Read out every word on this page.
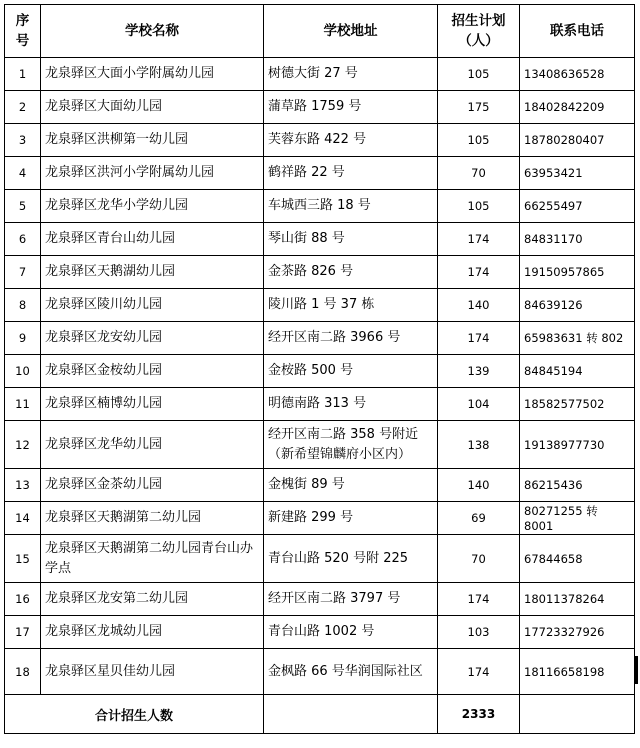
序号	学校名称	学校地址	招生计划（人）	联系电话
1	龙泉驿区大面小学附属幼儿园	树德大街 27 号	105	13408636528
2	龙泉驿区大面幼儿园	蒲草路 1759 号	175	18402842209
3	龙泉驿区洪柳第一幼儿园	芙蓉东路 422 号	105	18780280407
4	龙泉驿区洪河小学附属幼儿园	鹤祥路 22 号	70	63953421
5	龙泉驿区龙华小学幼儿园	车城西三路 18 号	105	66255497
6	龙泉驿区青台山幼儿园	琴山街 88 号	174	84831170
7	龙泉驿区天鹅湖幼儿园	金茶路 826 号	174	19150957865
8	龙泉驿区陵川幼儿园	陵川路 1 号 37 栋	140	84639126
9	龙泉驿区龙安幼儿园	经开区南二路 3966 号	174	65983631 转 802
10	龙泉驿区金桉幼儿园	金桉路 500 号	139	84845194
11	龙泉驿区楠博幼儿园	明德南路 313 号	104	18582577502
12	龙泉驿区龙华幼儿园	经开区南二路 358 号附近（新希望锦麟府小区内）	138	19138977730
13	龙泉驿区金茶幼儿园	金槐街 89 号	140	86215436
14	龙泉驿区天鹅湖第二幼儿园	新建路 299 号	69	80271255 转 8001
15	龙泉驿区天鹅湖第二幼儿园青台山办学点	青台山路 520 号附 225	70	67844658
16	龙泉驿区龙安第二幼儿园	经开区南二路 3797 号	174	18011378264
17	龙泉驿区龙城幼儿园	青台山路 1002 号	103	17723327926
18	龙泉驿区星贝佳幼儿园	金枫路 66 号华润国际社区	174	18116658198
合计招生人数			2333	
